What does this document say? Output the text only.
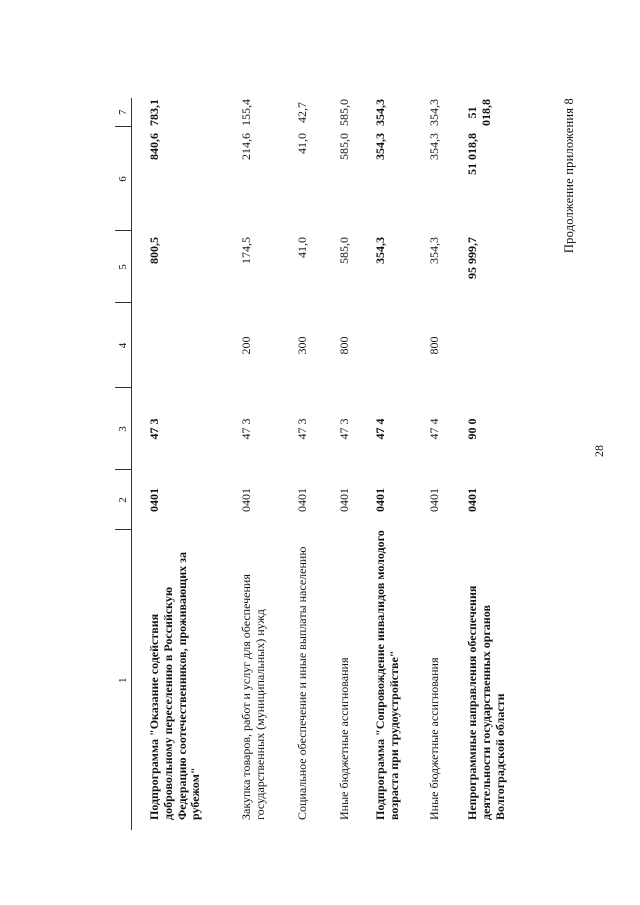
28
Продолжение приложения 8
1	2	3	4	5	6	7
Подпрограмма "Оказание содействия добровольному переселению в Российскую Федерацию соотечественников, проживающих за рубежом"	0401	47 3		800,5	840,6	783,1
Закупка товаров, работ и услуг для обеспечения государственных (муниципальных) нужд	0401	47 3	200	174,5	214,6	155,4
Социальное обеспечение и иные выплаты населению	0401	47 3	300	41,0	41,0	42,7
Иные бюджетные ассигнования	0401	47 3	800	585,0	585,0	585,0
Подпрограмма "Сопровождение инвалидов молодого возраста при трудоустройстве"	0401	47 4		354,3	354,3	354,3
Иные бюджетные ассигнования	0401	47 4	800	354,3	354,3	354,3
Непрограммные направления обеспечения деятельности государственных органов Волгоградской области	0401	90 0		95 999,7	51 018,8	51 018,8
